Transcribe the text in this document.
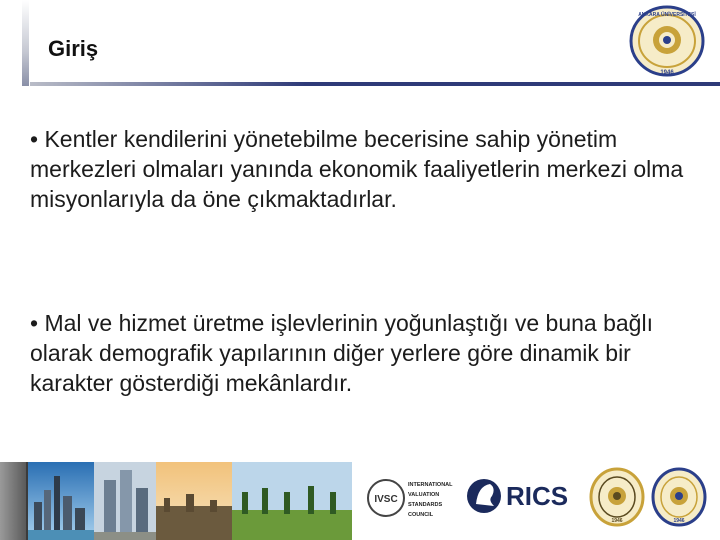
Giriş
1946
ANKARA ÜNİVERSİTESİ
• Kentler kendilerini yönetebilme becerisine sahip yönetim merkezleri olmaları yanında ekonomik faaliyetlerin merkezi olma misyonlarıyla da öne çıkmaktadırlar.
• Mal ve hizmet üretme işlevlerinin yoğunlaştığı ve buna bağlı olarak demografik yapılarının diğer yerlere göre dinamik bir karakter gösterdiği mekânlardır.
IVSC
INTERNATIONAL
VALUATION
STANDARDS
COUNCIL
RICS
1946	1946
